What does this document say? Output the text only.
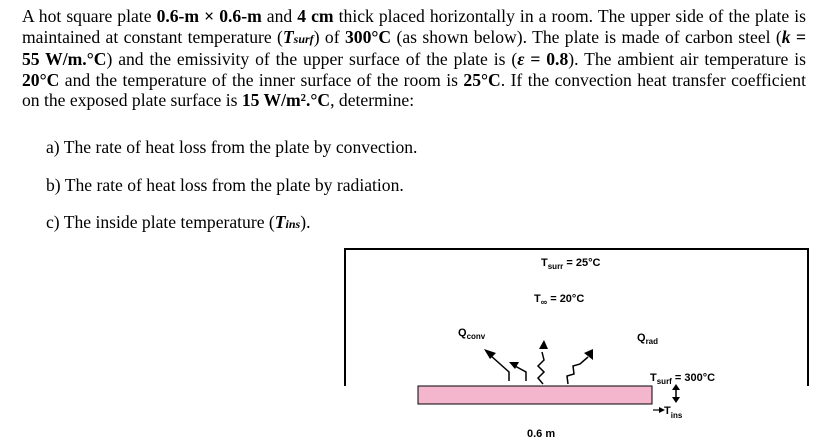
A hot square plate 0.6-m × 0.6-m and 4 cm thick placed horizontally in a room. The upper side of the plate is maintained at constant temperature (Tsurf) of 300°C (as shown below). The plate is made of carbon steel (k = 55 W/m.°C) and the emissivity of the upper surface of the plate is (ε = 0.8). The ambient air temperature is 20°C and the temperature of the inner surface of the room is 25°C. If the convection heat transfer coefficient on the exposed plate surface is 15 W/m².°C, determine:
a) The rate of heat loss from the plate by convection.
b) The rate of heat loss from the plate by radiation.
c) The inside plate temperature (Tins).
$T_{surr} = 25^\circ C$
$T_\infty = 20^\circ C$
$Q_{conv}$	$Q_{rad}$
$T_{surf} = 300^\circ C$
$T_{ins}$
0.6 m
